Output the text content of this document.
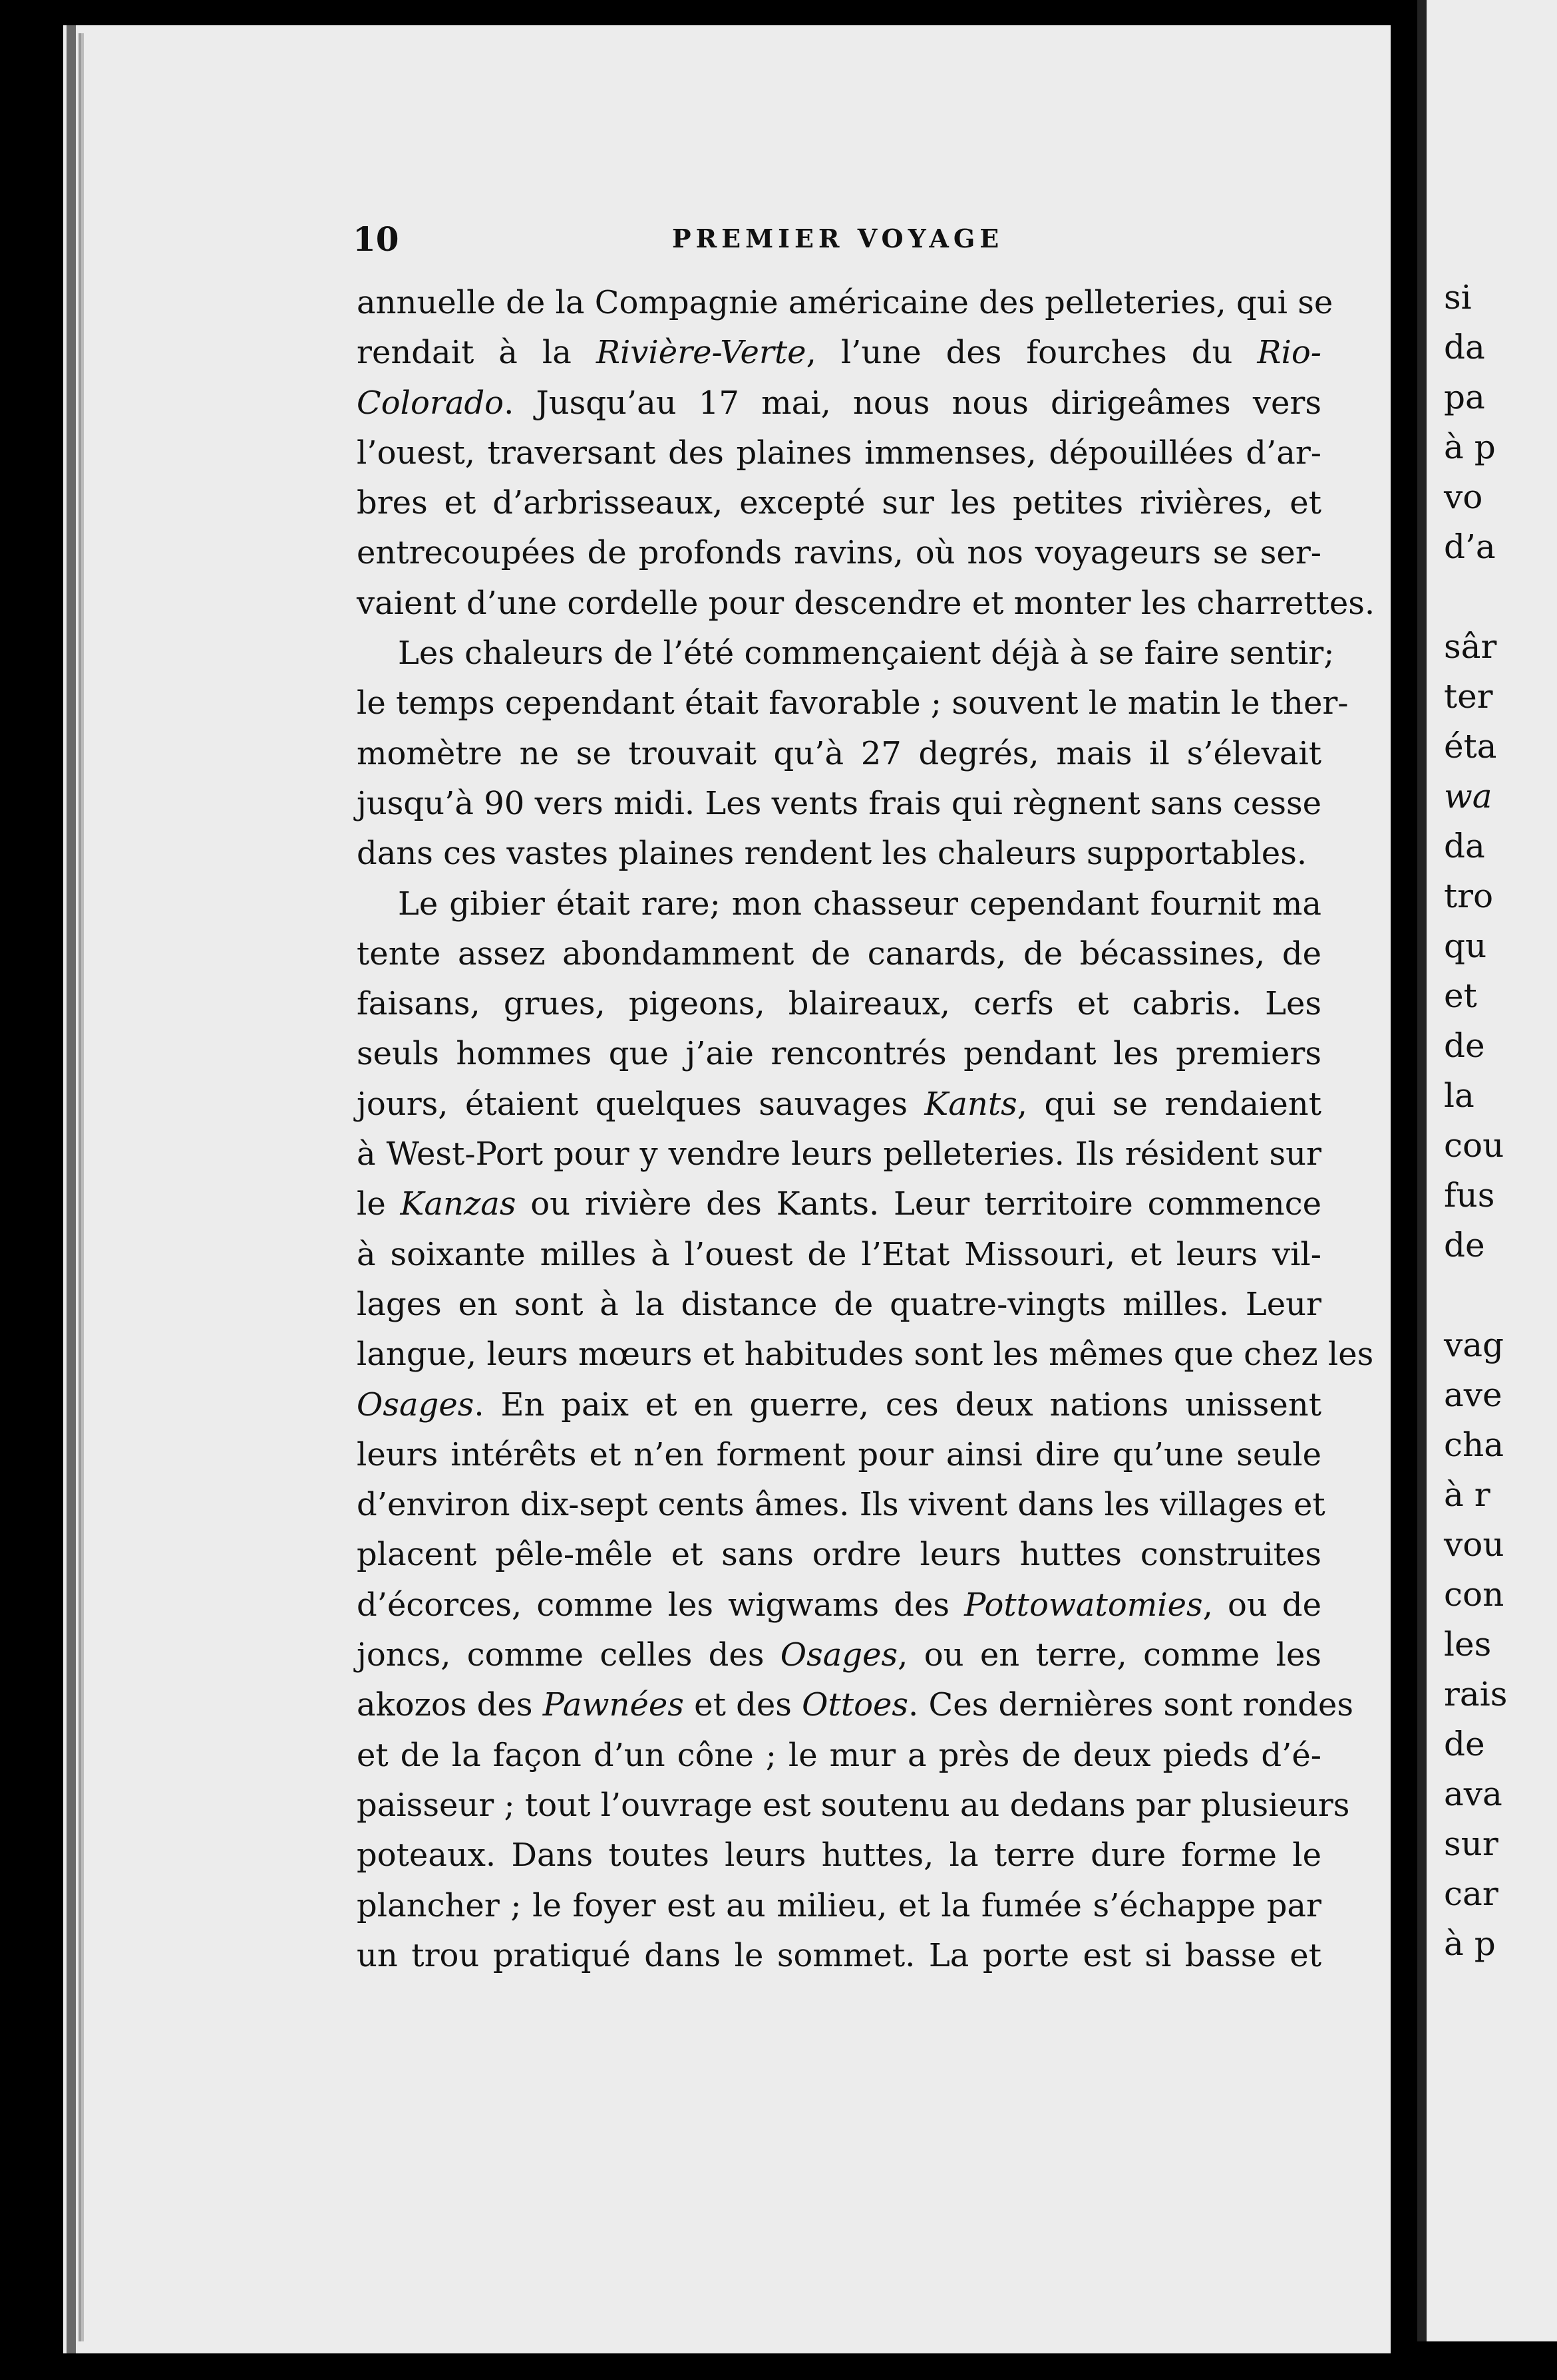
10	PREMIER VOYAGE
annuelle de la Compagnie américaine des pelleteries, qui se
rendait à la Rivière-Verte, l’une des fourches du Rio-
Colorado. Jusqu’au 17 mai, nous nous dirigeâmes vers
l’ouest, traversant des plaines immenses, dépouillées d’ar-
bres et d’arbrisseaux, excepté sur les petites rivières, et
entrecoupées de profonds ravins, où nos voyageurs se ser-
vaient d’une cordelle pour descendre et monter les charrettes.
Les chaleurs de l’été commençaient déjà à se faire sentir;
le temps cependant était favorable ; souvent le matin le ther-
momètre ne se trouvait qu’à 27 degrés, mais il s’élevait
jusqu’à 90 vers midi. Les vents frais qui règnent sans cesse
dans ces vastes plaines rendent les chaleurs supportables.
Le gibier était rare; mon chasseur cependant fournit ma
tente assez abondamment de canards, de bécassines, de
faisans, grues, pigeons, blaireaux, cerfs et cabris. Les
seuls hommes que j’aie rencontrés pendant les premiers
jours, étaient quelques sauvages Kants, qui se rendaient
à West-Port pour y vendre leurs pelleteries. Ils résident sur
le Kanzas ou rivière des Kants. Leur territoire commence
à soixante milles à l’ouest de l’Etat Missouri, et leurs vil-
lages en sont à la distance de quatre-vingts milles. Leur
langue, leurs mœurs et habitudes sont les mêmes que chez les
Osages. En paix et en guerre, ces deux nations unissent
leurs intérêts et n’en forment pour ainsi dire qu’une seule
d’environ dix-sept cents âmes. Ils vivent dans les villages et
placent pêle-mêle et sans ordre leurs huttes construites
d’écorces, comme les wigwams des Pottowatomies, ou de
joncs, comme celles des Osages, ou en terre, comme les
akozos des Pawnées et des Ottoes. Ces dernières sont rondes
et de la façon d’un cône ; le mur a près de deux pieds d’é-
paisseur ; tout l’ouvrage est soutenu au dedans par plusieurs
poteaux. Dans toutes leurs huttes, la terre dure forme le
plancher ; le foyer est au milieu, et la fumée s’échappe par
un trou pratiqué dans le sommet. La porte est si basse et
si
da
pa
à p
vo
d’a
sâr
ter
éta
wa
da
tro
qu
et
de
la
cou
fus
de
vag
ave
cha
à r
vou
con
les
rais
de
ava
sur
car
à p
